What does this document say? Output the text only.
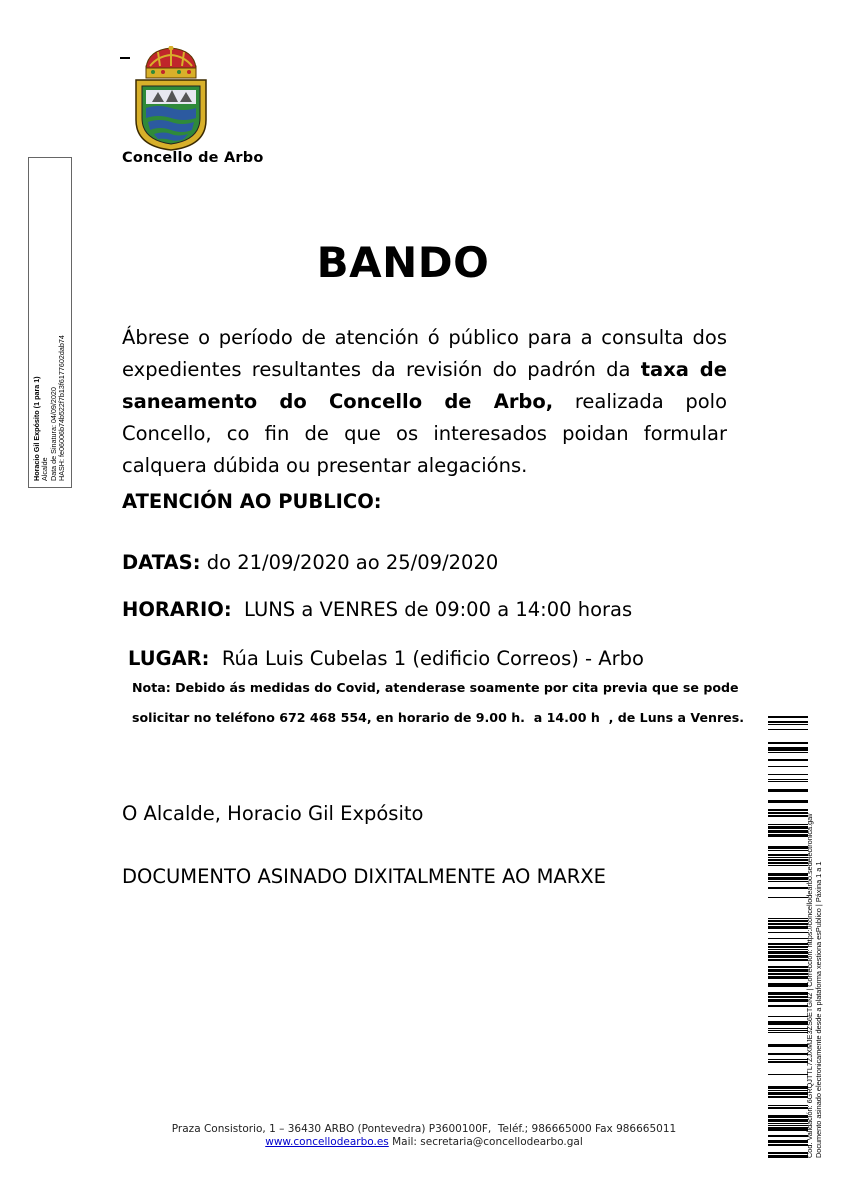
Concello de Arbo
Horacio Gil Expósito (1 para 1) Alcalde Data de Sinatura: 04/09/2020 HASH: fe06006b74b522f7b13f6177602dab74
BANDO
Ábrese o período de atención ó público para a consulta dos expedientes resultantes da revisión do padrón da taxa de saneamento do Concello de Arbo, realizada polo Concello, co fin de que os interesados poidan formular calquera dúbida ou presentar alegacións.
ATENCIÓN AO PUBLICO:
DATAS: do 21/09/2020 ao 25/09/2020
HORARIO:  LUNS a VENRES de 09:00 a 14:00 horas
LUGAR:  Rúa Luis Cubelas 1 (edificio Correos) - Arbo
Nota: Debido ás medidas do Covid, atenderase soamente por cita previa que se pode
solicitar no teléfono 672 468 554, en horario de 9.00 h.  a 14.00 h  , de Luns a Venres.
O Alcalde, Horacio Gil Expósito
DOCUMENTO ASINADO DIXITALMENTE AO MARXE
Praza Consistorio, 1 – 36430 ARBO (Pontevedra) P3600100F,  Teléf.; 986665000 Fax 986665011
www.concellodearbo.es Mail: secretaria@concellodearbo.gal	Cod. Validación: 6GRQJTTL7ZJXMJE3ZS6ETGN2 | Corrección: https://concellodearbo.sedelectronica.gal/ Documento asinado electronicamente desde a plataforma xestiona esPublico | Páxina 1 a 1
